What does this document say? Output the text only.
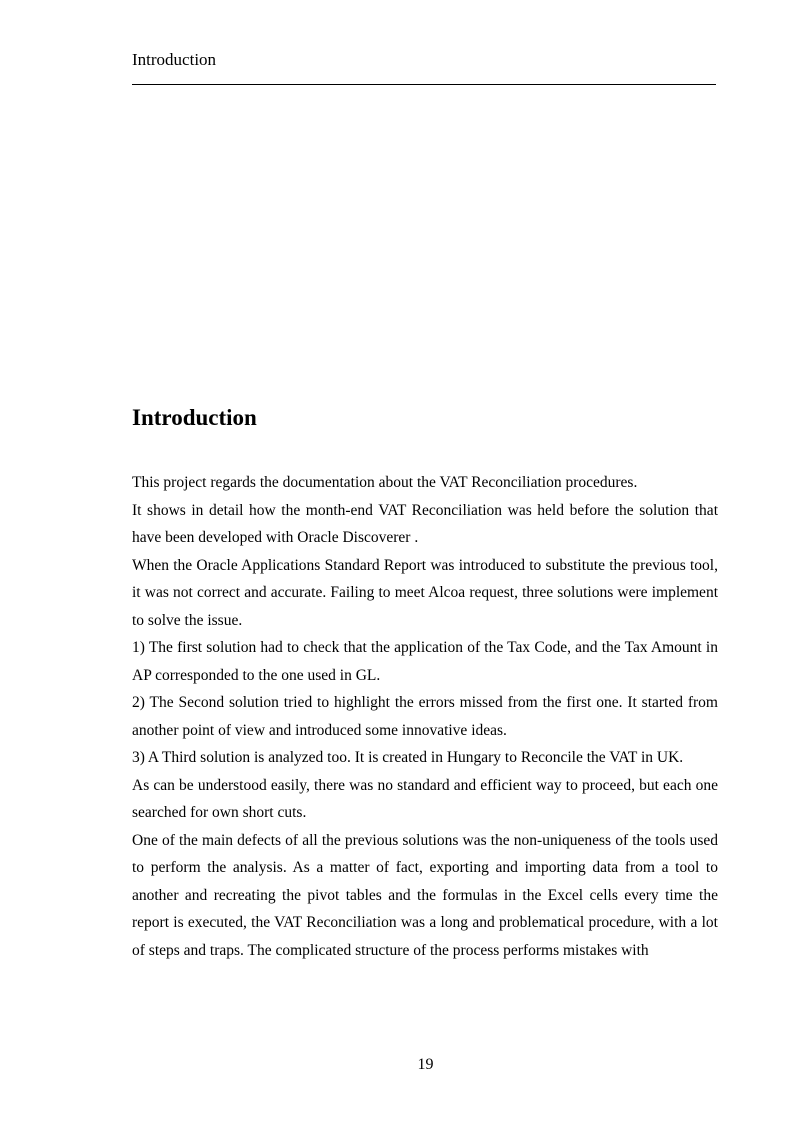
Introduction
Introduction

This project regards the documentation about the VAT Reconciliation procedures.

It shows in detail how the month-end VAT Reconciliation was held before the solution that have been developed with Oracle Discoverer .

When the Oracle Applications Standard Report was introduced to substitute the previous tool, it was not correct and accurate. Failing to meet Alcoa request, three solutions were implement to solve the issue.

1) The first solution had to check that the application of the Tax Code, and the Tax Amount in AP corresponded to the one used in GL.

2) The Second solution tried to highlight the errors missed from the first one. It started from another point of view and introduced some innovative ideas.

3) A Third solution is analyzed too. It is created in Hungary to Reconcile the VAT in UK.

As can be understood easily, there was no standard and efficient way to proceed, but each one searched for own short cuts.

One of the main defects of all the previous solutions was the non-uniqueness of the tools used to perform the analysis. As a matter of fact, exporting and importing data from a tool to another and recreating the pivot tables and the formulas in the Excel cells every time the report is executed, the VAT Reconciliation was a long and problematical procedure, with a lot of steps and traps. The complicated structure of the process performs mistakes with

19
